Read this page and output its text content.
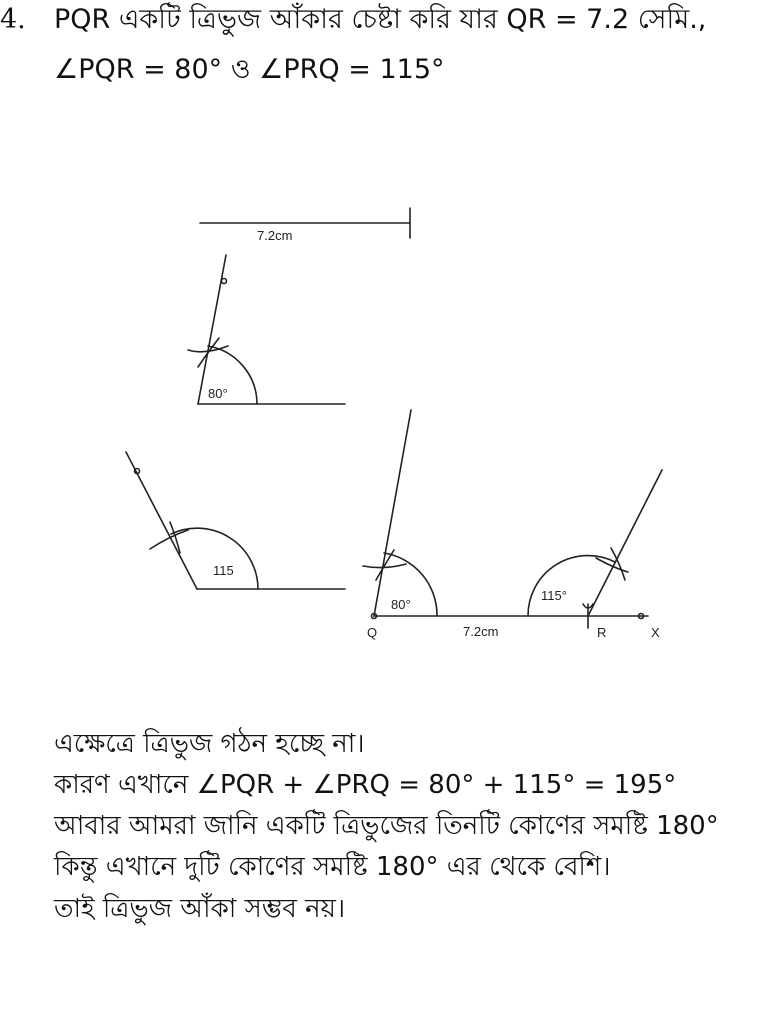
4. PQR একটি ত্রিভুজ আঁকার চেষ্টা করি যার QR = 7.2 সেমি.,
∠PQR = 80° ও ∠PRQ = 115°
7.2cm
80°
115
80°
115°
7.2cm
Q	R	X
এক্ষেত্রে ত্রিভুজ গঠন হচ্ছে না।
কারণ এখানে ∠PQR + ∠PRQ = 80° + 115° = 195°
আবার আমরা জানি একটি ত্রিভুজের তিনটি কোণের সমষ্টি 180°
কিন্তু এখানে দুটি কোণের সমষ্টি 180° এর থেকে বেশি।
তাই ত্রিভুজ আঁকা সম্ভব নয়।
